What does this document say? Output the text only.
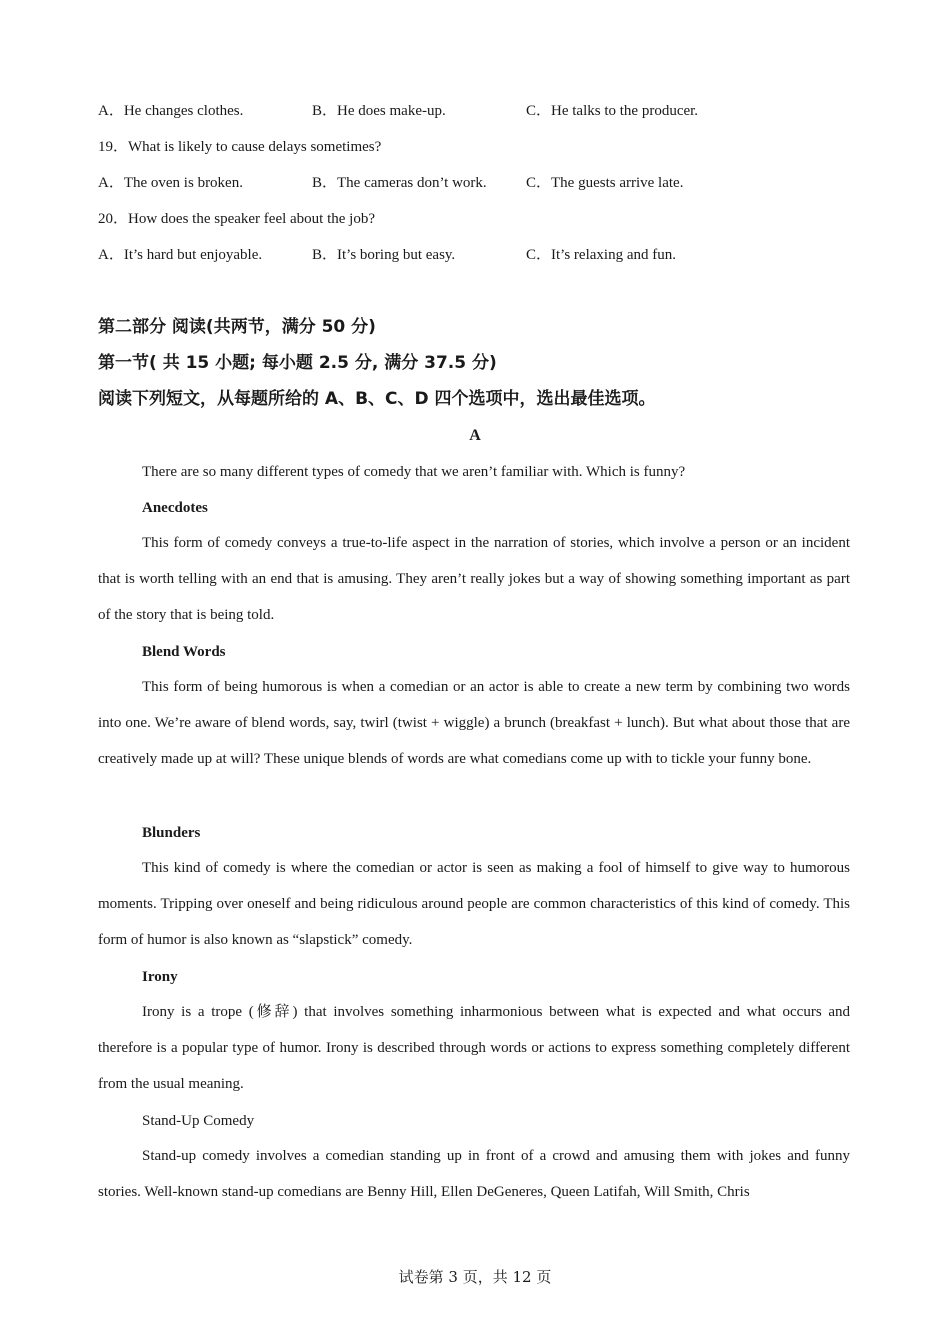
A．He changes clothes.	B．He does make-up.	C．He talks to the producer.
19．What is likely to cause delays sometimes?
A．The oven is broken.	B．The cameras don’t work.	C．The guests arrive late.
20．How does the speaker feel about the job?
A．It’s hard but enjoyable.	B．It’s boring but easy.	C．It’s relaxing and fun.
第二部分 阅读(共两节，满分 50 分)
第一节( 共 15 小题; 每小题 2.5 分, 满分 37.5 分)
阅读下列短文，从每题所给的 A、B、C、D 四个选项中，选出最佳选项。
A
There are so many different types of comedy that we aren’t familiar with. Which is funny?
Anecdotes

This form of comedy conveys a true-to-life aspect in the narration of stories, which involve a person or an incident that is worth telling with an end that is amusing. They aren’t really jokes but a way of showing something important as part of the story that is being told.

Blend Words

This form of being humorous is when a comedian or an actor is able to create a new term by combining two words into one. We’re aware of blend words, say, twirl (twist + wiggle) a brunch (breakfast + lunch). But what about those that are creatively made up at will? These unique blends of words are what comedians come up with to tickle your funny bone.

Blunders

This kind of comedy is where the comedian or actor is seen as making a fool of himself to give way to humorous moments. Tripping over oneself and being ridiculous around people are common characteristics of this kind of comedy. This form of humor is also known as “slapstick” comedy.

Irony

Irony is a trope (修辞) that involves something inharmonious between what is expected and what occurs and therefore is a popular type of humor. Irony is described through words or actions to express something completely different from the usual meaning.

Stand-Up Comedy

Stand-up comedy involves a comedian standing up in front of a crowd and amusing them with jokes and funny stories. Well-known stand-up comedians are Benny Hill, Ellen DeGeneres, Queen Latifah, Will Smith, Chris

试卷第 3 页，共 12 页
